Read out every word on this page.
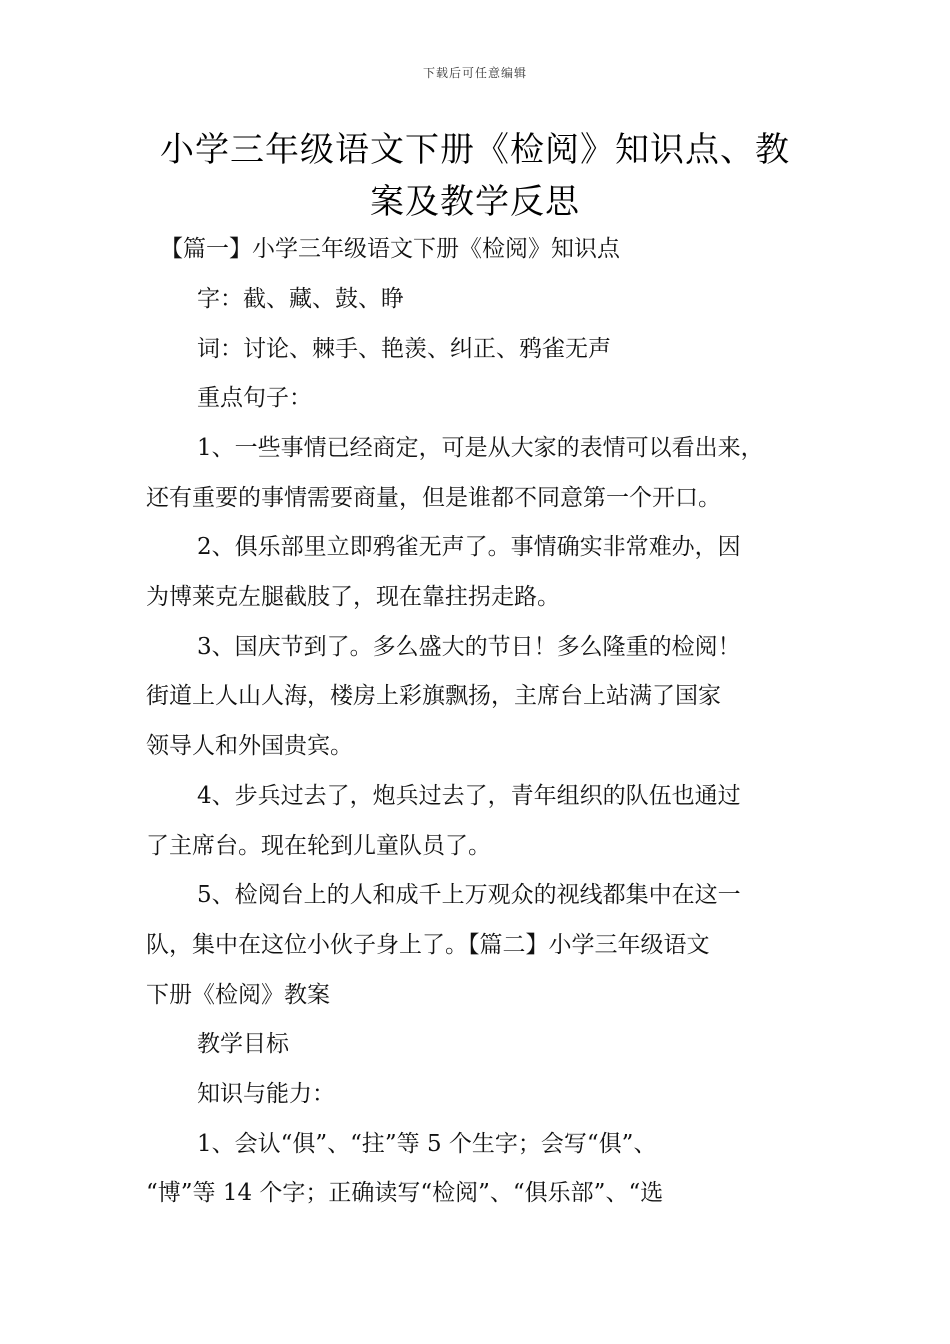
下载后可任意编辑
小学三年级语文下册《检阅》知识点、教
案及教学反思
【篇一】小学三年级语文下册《检阅》知识点
字：截、藏、鼓、睁
词：讨论、棘手、艳羡、纠正、鸦雀无声
重点句子：
1、一些事情已经商定，可是从大家的表情可以看出来，
还有重要的事情需要商量，但是谁都不同意第一个开口。
2、俱乐部里立即鸦雀无声了。事情确实非常难办，因
为博莱克左腿截肢了，现在靠拄拐走路。
3、国庆节到了。多么盛大的节日！多么隆重的检阅！
街道上人山人海，楼房上彩旗飘扬，主席台上站满了国家
领导人和外国贵宾。
4、步兵过去了，炮兵过去了，青年组织的队伍也通过
了主席台。现在轮到儿童队员了。
5、检阅台上的人和成千上万观众的视线都集中在这一
队，集中在这位小伙子身上了。【篇二】小学三年级语文
下册《检阅》教案
教学目标
知识与能力：
1、会认“俱”、“拄”等 5 个生字；会写“俱”、
“博”等 14 个字；正确读写“检阅”、“俱乐部”、“选
